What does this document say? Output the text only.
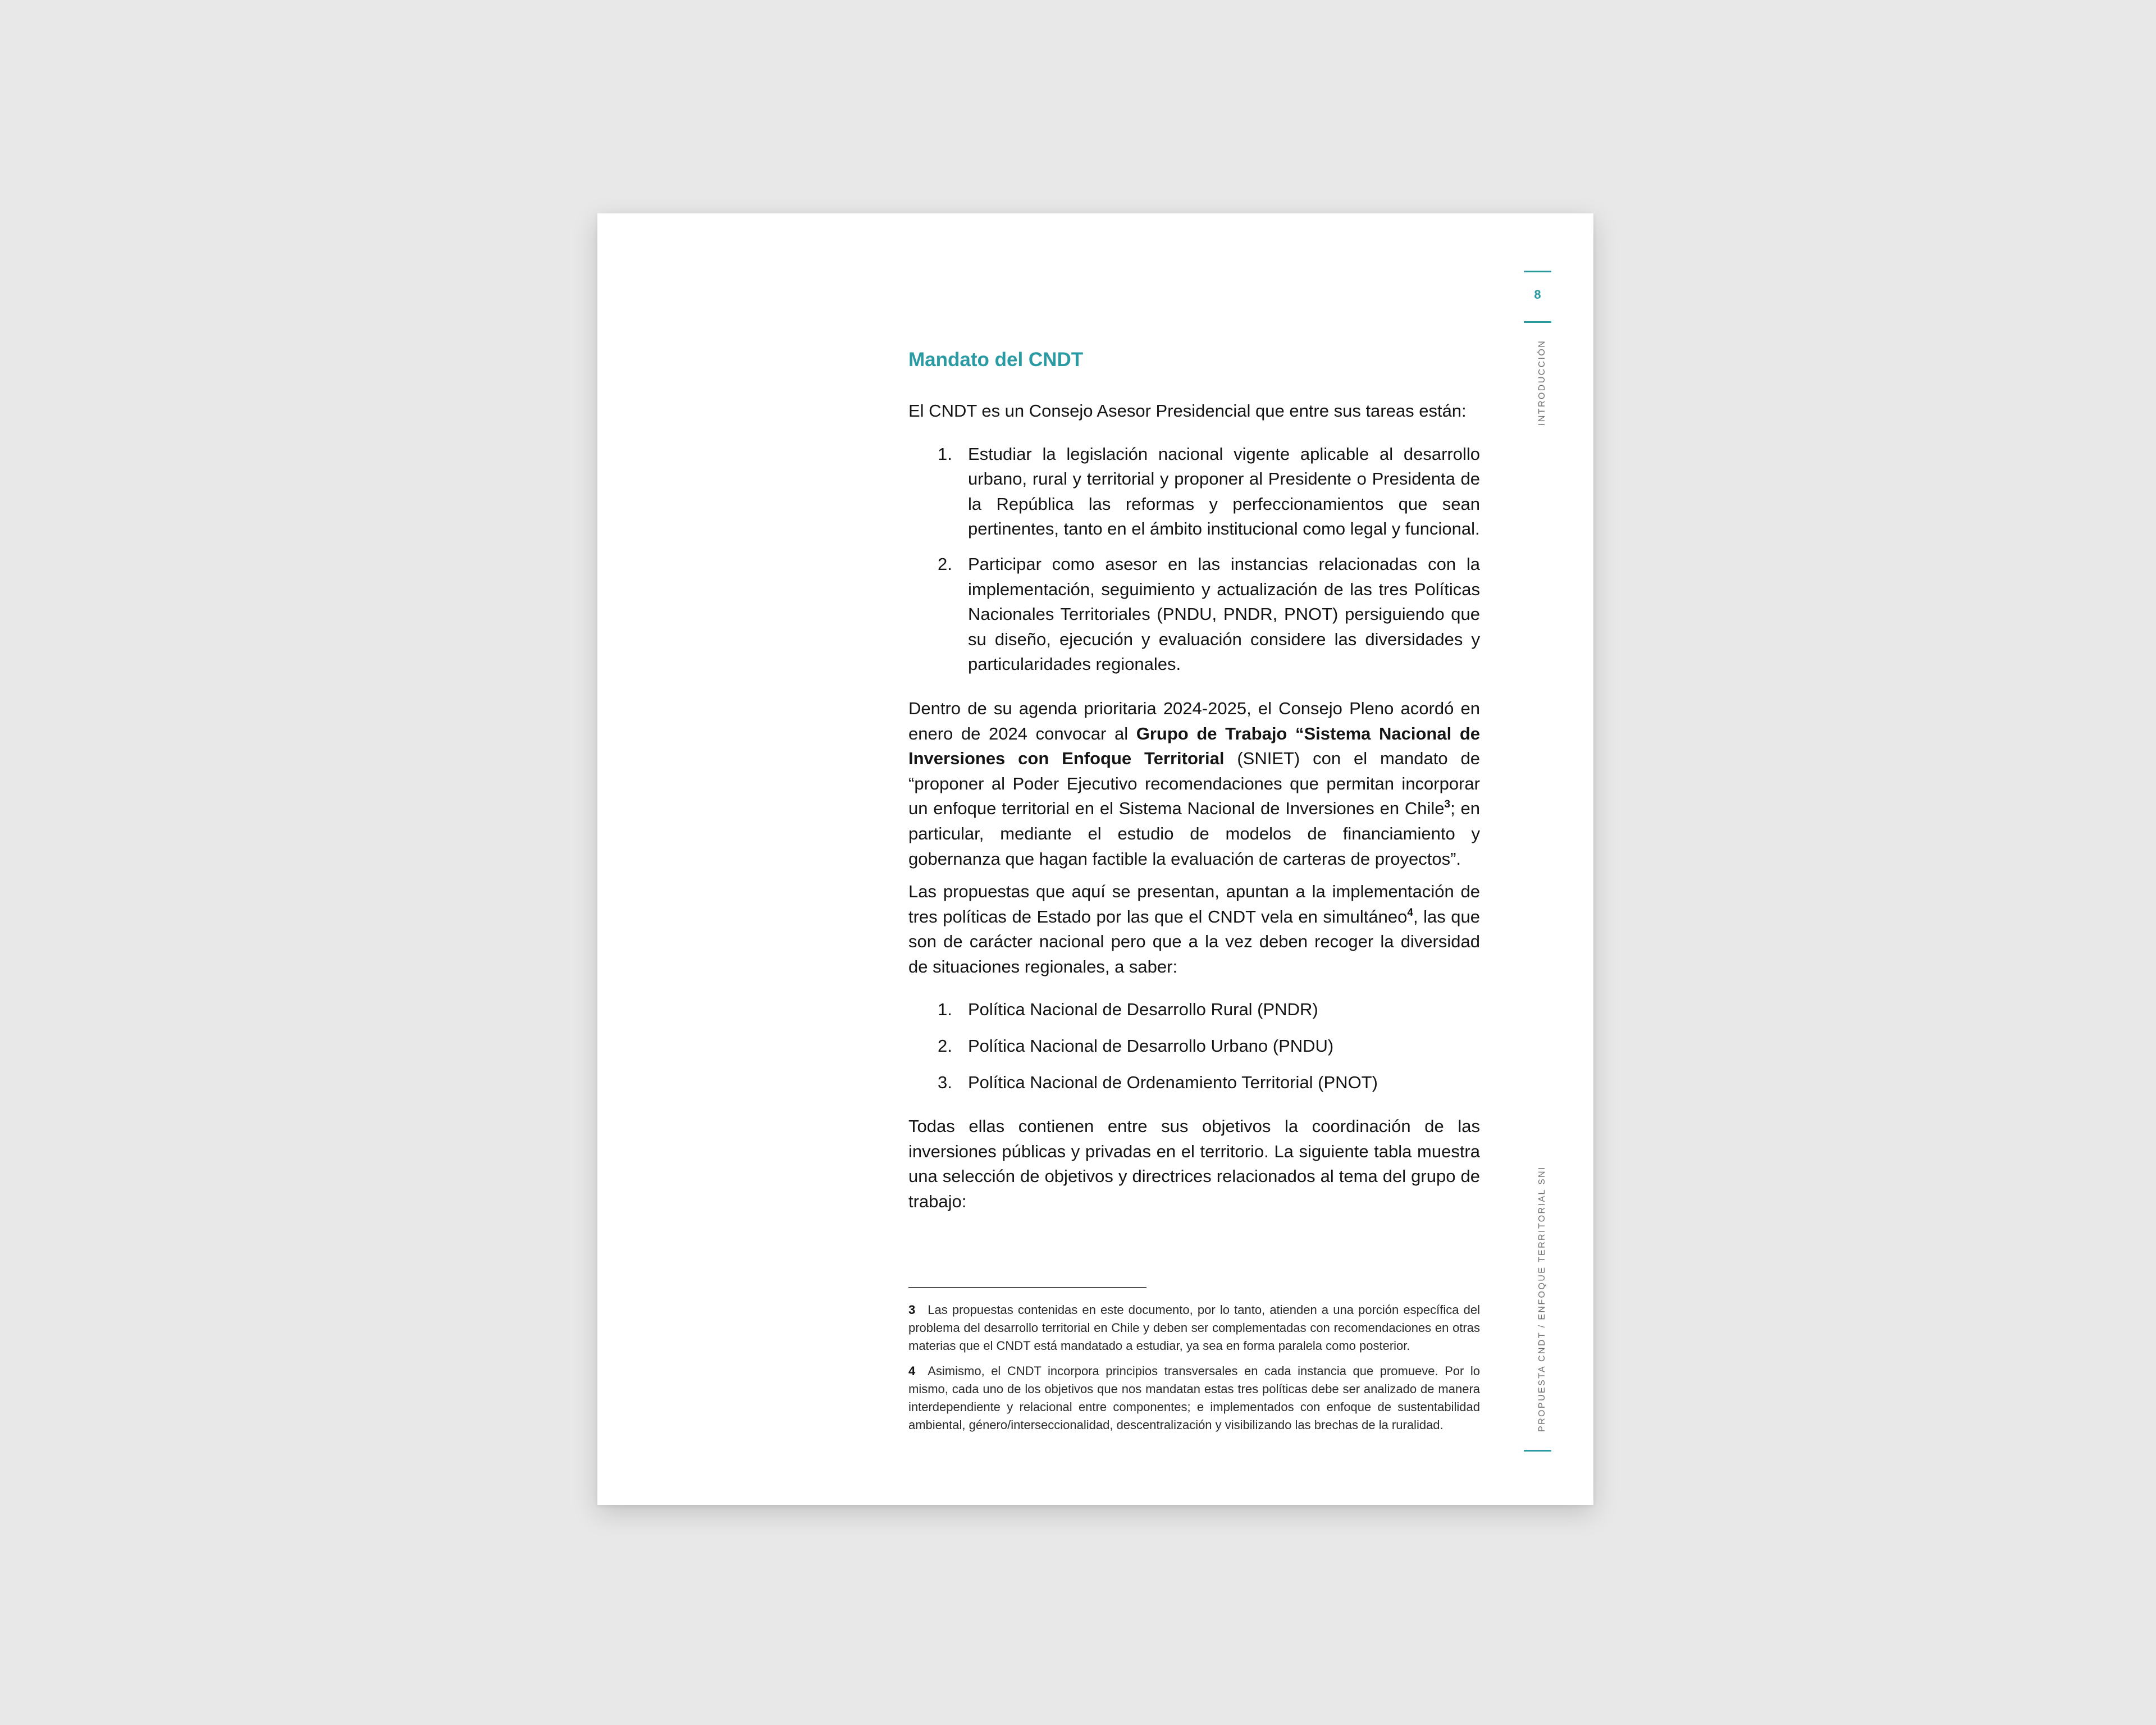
8
INTRODUCCIÓN
PROPUESTA CNDT / ENFOQUE TERRITORIAL SNI
Mandato del CNDT

El CNDT es un Consejo Asesor Presidencial que entre sus tareas están:

1. Estudiar la legislación nacional vigente aplicable al desarrollo urbano, rural y territorial y proponer al Presidente o Presidenta de la República las reformas y perfeccionamientos que sean pertinentes, tanto en el ámbito institucional como legal y funcional.
2. Participar como asesor en las instancias relacionadas con la implementación, seguimiento y actualización de las tres Políticas Nacionales Territoriales (PNDU, PNDR, PNOT) persiguiendo que su diseño, ejecución y evaluación considere las diversidades y particularidades regionales.

Dentro de su agenda prioritaria 2024-2025, el Consejo Pleno acordó en enero de 2024 convocar al Grupo de Trabajo “Sistema Nacional de Inversiones con Enfoque Territorial (SNIET) con el mandato de “proponer al Poder Ejecutivo recomendaciones que permitan incorporar un enfoque territorial en el Sistema Nacional de Inversiones en Chile$^3$; en particular, mediante el estudio de modelos de financiamiento y gobernanza que hagan factible la evaluación de carteras de proyectos”.

Las propuestas que aquí se presentan, apuntan a la implementación de tres políticas de Estado por las que el CNDT vela en simultáneo$^4$, las que son de carácter nacional pero que a la vez deben recoger la diversidad de situaciones regionales, a saber:

1. Política Nacional de Desarrollo Rural (PNDR)
2. Política Nacional de Desarrollo Urbano (PNDU)
3. Política Nacional de Ordenamiento Territorial (PNOT)

Todas ellas contienen entre sus objetivos la coordinación de las inversiones públicas y privadas en el territorio. La siguiente tabla muestra una selección de objetivos y directrices relacionados al tema del grupo de trabajo:

3 Las propuestas contenidas en este documento, por lo tanto, atienden a una porción específica del problema del desarrollo territorial en Chile y deben ser complementadas con recomendaciones en otras materias que el CNDT está mandatado a estudiar, ya sea en forma paralela como posterior.

4 Asimismo, el CNDT incorpora principios transversales en cada instancia que promueve. Por lo mismo, cada uno de los objetivos que nos mandatan estas tres políticas debe ser analizado de manera interdependiente y relacional entre componentes; e implementados con enfoque de sustentabilidad ambiental, género/interseccionalidad, descentralización y visibilizando las brechas de la ruralidad.
